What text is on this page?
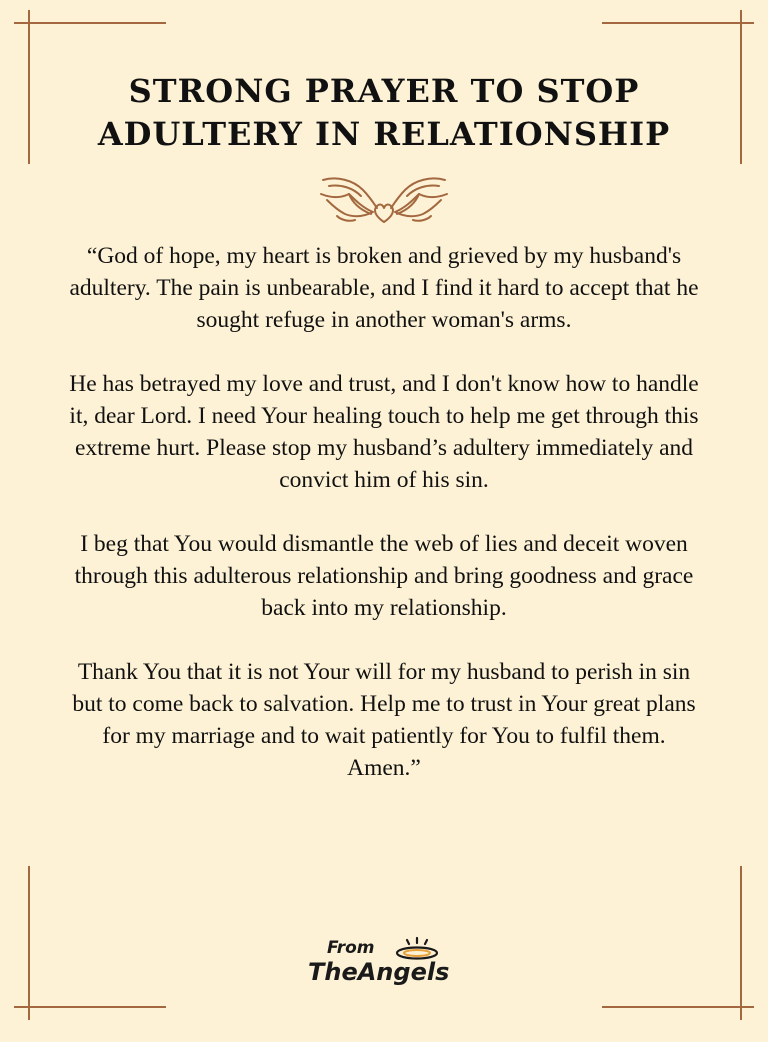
STRONG PRAYER TO STOP
ADULTERY IN RELATIONSHIP

“God of hope, my heart is broken and grieved by my husband's adultery. The pain is unbearable, and I find it hard to accept that he sought refuge in another woman's arms.

He has betrayed my love and trust, and I don't know how to handle it, dear Lord. I need Your healing touch to help me get through this extreme hurt. Please stop my husband’s adultery immediately and convict him of his sin.

I beg that You would dismantle the web of lies and deceit woven through this adulterous relationship and bring goodness and grace back into my relationship.

Thank You that it is not Your will for my husband to perish in sin but to come back to salvation. Help me to trust in Your great plans for my marriage and to wait patiently for You to fulfil them. Amen.”

From
TheAngels
